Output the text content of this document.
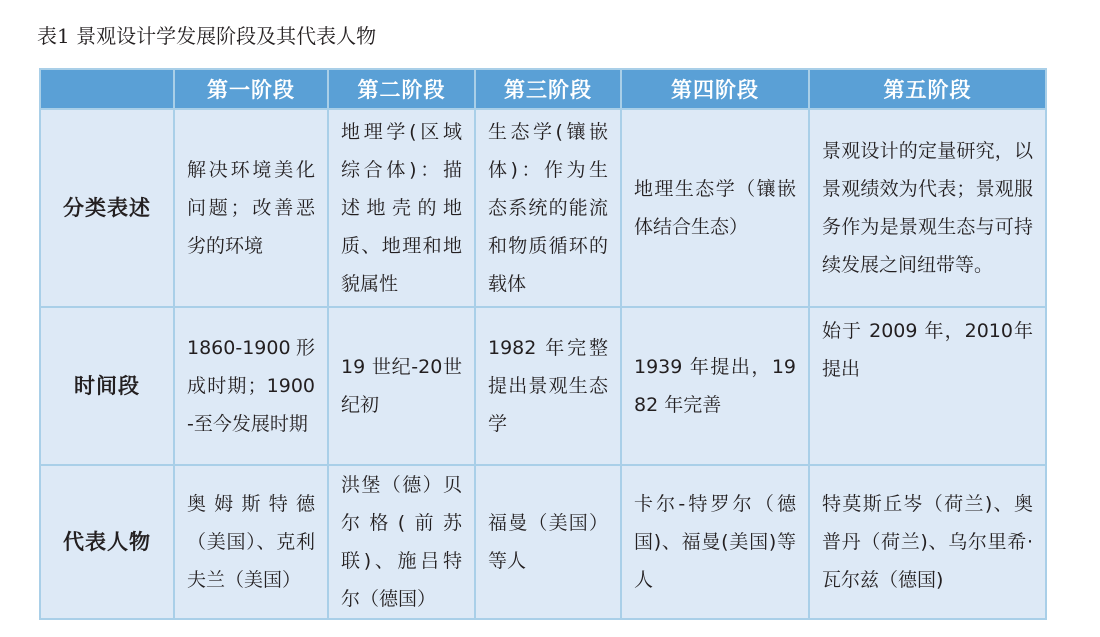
表1 景观设计学发展阶段及其代表人物
	第一阶段	第二阶段	第三阶段	第四阶段	第五阶段
分类表述	解决环境美化问题；改善恶劣的环境	地理学(区域综合体)：描述地壳的地质、地理和地貌属性	生态学(镶嵌体)：作为生态系统的能流和物质循环的载体	地理生态学（镶嵌体结合生态）	景观设计的定量研究，以景观绩效为代表；景观服务作为是景观生态与可持续发展之间纽带等。

时间段	1860-1900形成时期；1900-至今发展时期	19 世纪-20世纪初	1982 年完整提出景观生态学	1939 年提出，1982 年完善	始于 2009 年，2010年提出

代表人物	奥姆斯特德（美国）、克利夫兰（美国）	洪堡（德）贝尔格(前苏联)、施吕特尔（德国）	福曼（美国）等人	卡尔-特罗尔（德国)、福曼(美国)等人	特莫斯丘岑（荷兰)、奥普丹（荷兰)、乌尔里希·瓦尔兹（德国)
